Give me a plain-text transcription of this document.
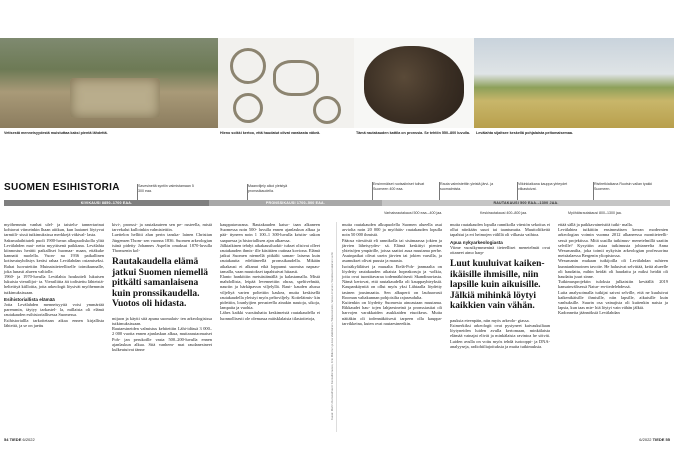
Vetisestä menneisyydestä muistuttaa kaksi pientä lähdettä.	Hieno soikki kertoo, että haudatut olivat varakasta väkeä.	Tämä rautakauden kattila on pronssia. Se tehtiin 550–800 luvulla. Levälahta sijaitsee keskellä pohjalaista peltomaisemaa.
SUOMEN ESIHISTORIA	Savesineitä syntiin valmistamaan 5 300 eaa.
Maanviljely alkoi yleistyä pronssikaudella.
Ensimmäiset ruotsaiiniset tulivat Suomeen 400 eaa.
Rauta valmistettiin yleistä järvi- ja suomalmista.
Viikinkiaikana kauppa yhteydet vilkastuivat.
Ristiretkiaikana Ruotsin vallan tyakki Suomeen.
KIVIKAUSI 8850–1700 EAA.	PRONSSIKAUSI 1700–500 EAA.	RAUTAKAUSI 500 EAA.–1300 JAA.
Varhaisrautakausi 500 eaa.–400 jaa.	Keskirautakausi 400–800 jaa.	Myöhäisrautakausi 800–1300 jaa.

myöhemmin vanhat ulel- ja taistelu- tannertarinat kohtavat viimeinkin lhaan aiitkun, kun laaianet löytyvat tarmiili- sissä tutkimuksissa merkkejä väkival- lasta.

Saksmalaihtiuteli puoli 1900-luvun alkupuoliskolla ylitä Levälahden mai- netta myyttisenä paikkana. Levälahta kiinnostus herätti paikalliset huomaa- maan, ettäkuke kannatti nuolella. Vuon- na 1936 paikallinen kotiseutuyhdistys keräsi rahaa Levälahdan ostamiseksi. Rahat luovutettiin Muinaistieteelliselle toimikunnalle, joka lunasti alueen valtiolle.

1960- ja 1970-luvulla Levälahta houkutteli lukuisen lukuisia vierailijoi- ta. Vierailiitta äit todistettu lähteistä- helteittyä kiilloitta, jotta arkeologit löysivät myöhemmin tutkimuksissaan.

Esihistoriallista elämää

Jotta Levälahden menneisyyttä voisi ymmärtää paremmin, täytyy tarkastel- la, millaista oli elämä rautakauden esihistoriallisessa Suomessa.

Esihistoriallla tarkoitetaan aikaa ennen kirjallista lähteitä, ja se on jaettu

kivi-, pronssi- ja rautakauteen sen pe- rusteella, mistä tarvekalut kulloinkin valmistettiin.

Luettelon hellitti alun perin tanska- lainen Christian Jürgensen Thom- sen vuonna 1836. Suomen arkeologian isänä pidetty Johannes Aspelin omaksui 1870-luvulla Thomsenin kol-

Rautakaudella elämä jatkui Suomen niemellä pitkälti samanlaisena kuin pronssikaudella. Vuotos oli hidasta.

mijaon ja käytti sitä apuna suomalais- ten arkeologisissa tutkimuksissaan.

Rautaesineiden valmistus kehitettiin Lähi-idässä 3 000–2 000 vuotta ennen ajanlaskun alkua, muttarautaomaiset Poh- jan perukoille vasta 500–200-luvulla ennen ajanlaskun alkua. Sitä vanhem- mat raudanesineet kulkeutuivat tänne

kauppatavarana. Rautakauden katso- taan alkaneen Suomessa noin 500- luvulla ennen ajanlaskun alkua ja pää- ttyneen noin 1 100–1 300-luvulla kristin- uskon saapuessa ja historiallisen ajan alkaessa.

Jälkiaikinen tehdyt aikakausiluokit- tukset olisivat olleet rautakauden ihmis- ille käsittäen outinaa koviona. Elämä jatkui Suomen niemellä pitkälti saman- laisena kuin rautakautta edeltäneellä pronssikaudella. Mikään aikakausi ei alkanut eikä loppunut suomisa napsau- tamalla, vaan muutokset tapahtuivat hitaasti.

Elanto hankittiin metsästämällä ja kalastamalla. Mistä mahdollista, leipää levennettiin ohraa, speltivehnää, nauriin ja härkäpavun viljelyllä. Raut- kauden alussa viljeltyä varten poltettiin kaskea, mutta keskisellä rautakaudella yleistyi myös peltoviljely. Kotieläimis- kin pidettiin, lounlyijien perusteella ainakin nautoja, sikoja, lampaita ja vuohia.

Lähes kaikki vuosituhatta keskimeistä rautakaudella ei luonnollisesti ole olemassa mäisklalaisia tilastotietoja,	Kuvat: Martin Rumwaltheet / Kansallismuseo, Arto Mäkinen ja Esa Vakkilainen / Museovirasto, Vesa Linnanen / Keskisuomalainen Lehti

mutta rautakauden alkupuolella Suomen alueella asui arviolta noin 20 000 ja myöhäis- rautakauden lopulla noin 50 000 ihmistä.

Pääosa väestöstä eli rannikolla tai sisämaassa jokien ja järvien läheisyydes- sä. Elämä keskittyi pienten yhteisöjen ympärille, joissa saattoi asua muutama perhe. Asuinpaikat olivat usein järvien tai jokien varsilla, ja asumukset olivat puusta ja maasta.

Isoisäkyläläiset ja muualta Etelä-Poh- janmaalta on löydetty rautakauden aikaisia hopeakoruja ja -solkia, joita ovat tuontitavaraa todennäköisesti Skandinaviasta. Nämä kertovat, että rautakaudella oli kauppayhteyksiä. Kaupankäyntiä on ollut myös yksi Lähtaalla löydetty tasinen jousimaatta. Sen alkuperä on lauhaavasti Rooman valtakunnan pohjoisilta rajaseudulta.

Kuitenkin on löydetty Suomesta ainoastaan muutama. Rikkaudet hau- tojen lahjaesineinä ja pronssiastiat oli harvojen varakkaiden asukkaiden etuoikeus. Mutta näitäkin oli todennäköisesti tarpeen olla kauppa- tarvikkeina, kuten ovat rautaesineetkin.

mutta rautakauden lopulla rannikolla väestön sekoitus ei ollut niinkään suuri tai taantunutta. Muuttoliikettä tapahtui ja eri heimojen välillä oli vilkasta vaihtoa.

Apua nykyarkeologiasta

Viime vuosikymmeninä tieteelliset menetelmät ovat ottaneet aimo harp-

Luut kuuluivat kaiken- ikäisille ihmisille, niin lapsille kuin aikuisille. Jälkiä mihinkä löytyi kaikkien vain vähän.

pauksia eteenpäin, niin myös arkeolo- giassa.

Esimerkiksi arkeologit ovat pystyneet kaivauksiltaan löytyneiden luiden avulla kertomaan, minkälaista elämää vainajat elivät ja minkälaisia ravintoa he söivät. Luiden avulla on voitu myös tehdä isotooppi- ja DNA-analyyseja, radiohiiliajoituksia ja muita tutkimuksia.

ettää sällä ja paikkavaineistöä tutki- malla.

Levälahtea tutkittiin ensimmäisen kerran modernien arkeologian voimin vuonna 2012 alkaneessa monitieteelli- sessä projektissa. Mitä uusilla tutkimus- menetelmillä saatiin selville? Kysyttiin asiaa tutkimusta johtaneelta Anna Wessmanilta, joka toimii nykyisin arkeologian professorina metsäalaessa Bergenin yliopistossa.

Wessmanin mukaan tutkijoilla oli Levälahdan suhteen kunnianhimoinen tavoite. He halusivat selvittää, keitä alueelle oli haudattu, mihin heidät oli haudattu ja miksi heidät oli haudattu juuri sinne.

Tutkimusprojektin tuloksia julkaistiin keväällä 2019 kansainvälisessä Natur- en-tiedelehdessä.

Luita analysoimalla tutkijat saivat selville, että ne kuuluivat kaikenikäisille ihmisille, niin lapsille, aikuisille kuin vanhuksille. Suurin osa vainajista oli kuitenkin naisia ja lapsia, kun taas mie- hiä löytyi vain vähän jälkiä.

Kadonneita jäännöksiä Levälahdan

54 TIEDE 6/2022	6/2022 TIEDE 55
